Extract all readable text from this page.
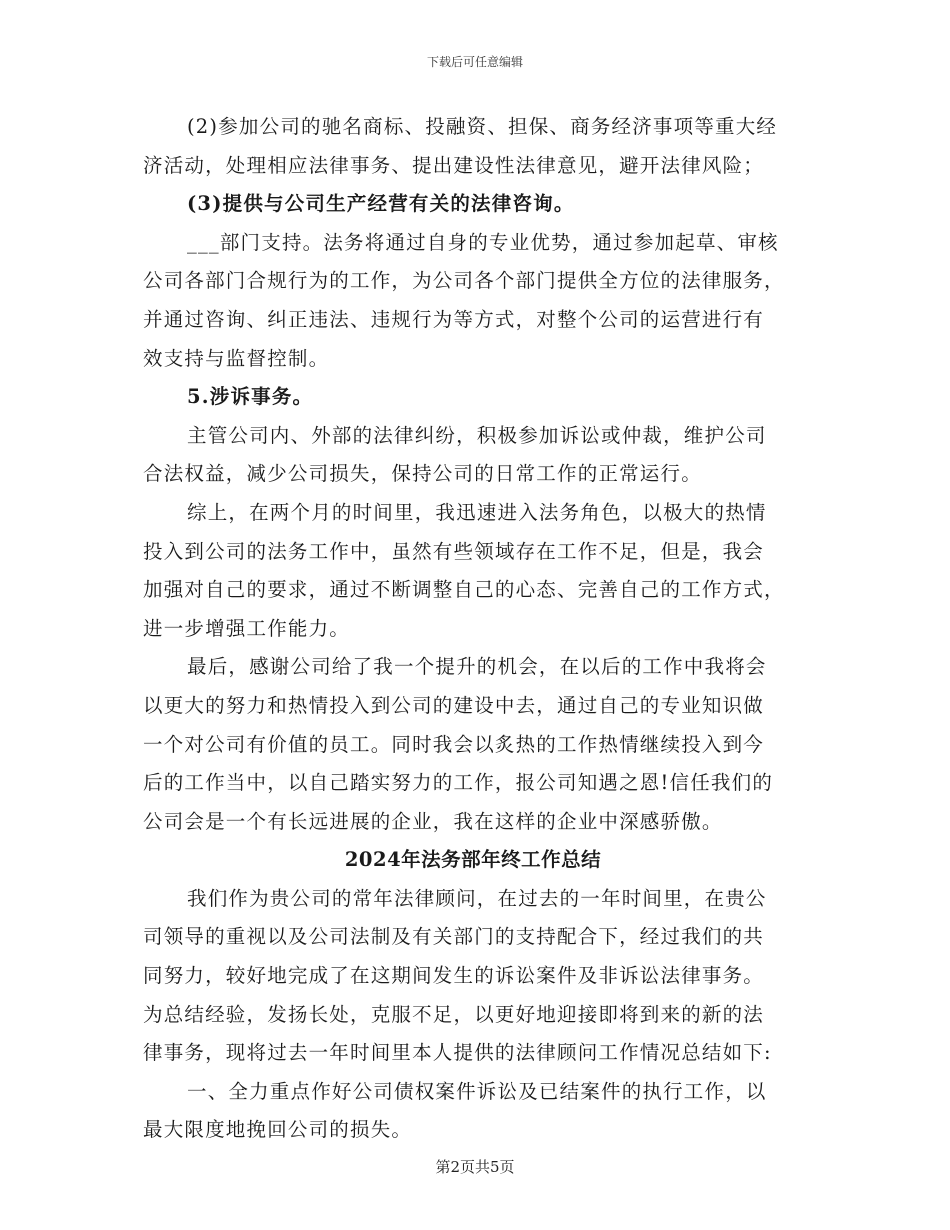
下载后可任意编辑
(2)参加公司的驰名商标、投融资、担保、商务经济事项等重大经
济活动，处理相应法律事务、提出建设性法律意见，避开法律风险；
(3)提供与公司生产经营有关的法律咨询。
___部门支持。法务将通过自身的专业优势，通过参加起草、审核
公司各部门合规行为的工作，为公司各个部门提供全方位的法律服务，
并通过咨询、纠正违法、违规行为等方式，对整个公司的运营进行有
效支持与监督控制。
5.涉诉事务。
主管公司内、外部的法律纠纷，积极参加诉讼或仲裁，维护公司
合法权益，减少公司损失，保持公司的日常工作的正常运行。
综上，在两个月的时间里，我迅速进入法务角色，以极大的热情
投入到公司的法务工作中，虽然有些领域存在工作不足，但是，我会
加强对自己的要求，通过不断调整自己的心态、完善自己的工作方式，
进一步增强工作能力。
最后，感谢公司给了我一个提升的机会，在以后的工作中我将会
以更大的努力和热情投入到公司的建设中去，通过自己的专业知识做
一个对公司有价值的员工。同时我会以炙热的工作热情继续投入到今
后的工作当中，以自己踏实努力的工作，报公司知遇之恩!信任我们的
公司会是一个有长远进展的企业，我在这样的企业中深感骄傲。
2024年法务部年终工作总结
我们作为贵公司的常年法律顾问，在过去的一年时间里，在贵公
司领导的重视以及公司法制及有关部门的支持配合下，经过我们的共
同努力，较好地完成了在这期间发生的诉讼案件及非诉讼法律事务。
为总结经验，发扬长处，克服不足，以更好地迎接即将到来的新的法
律事务，现将过去一年时间里本人提供的法律顾问工作情况总结如下:
一、全力重点作好公司债权案件诉讼及已结案件的执行工作，以
最大限度地挽回公司的损失。
第2页共5页
